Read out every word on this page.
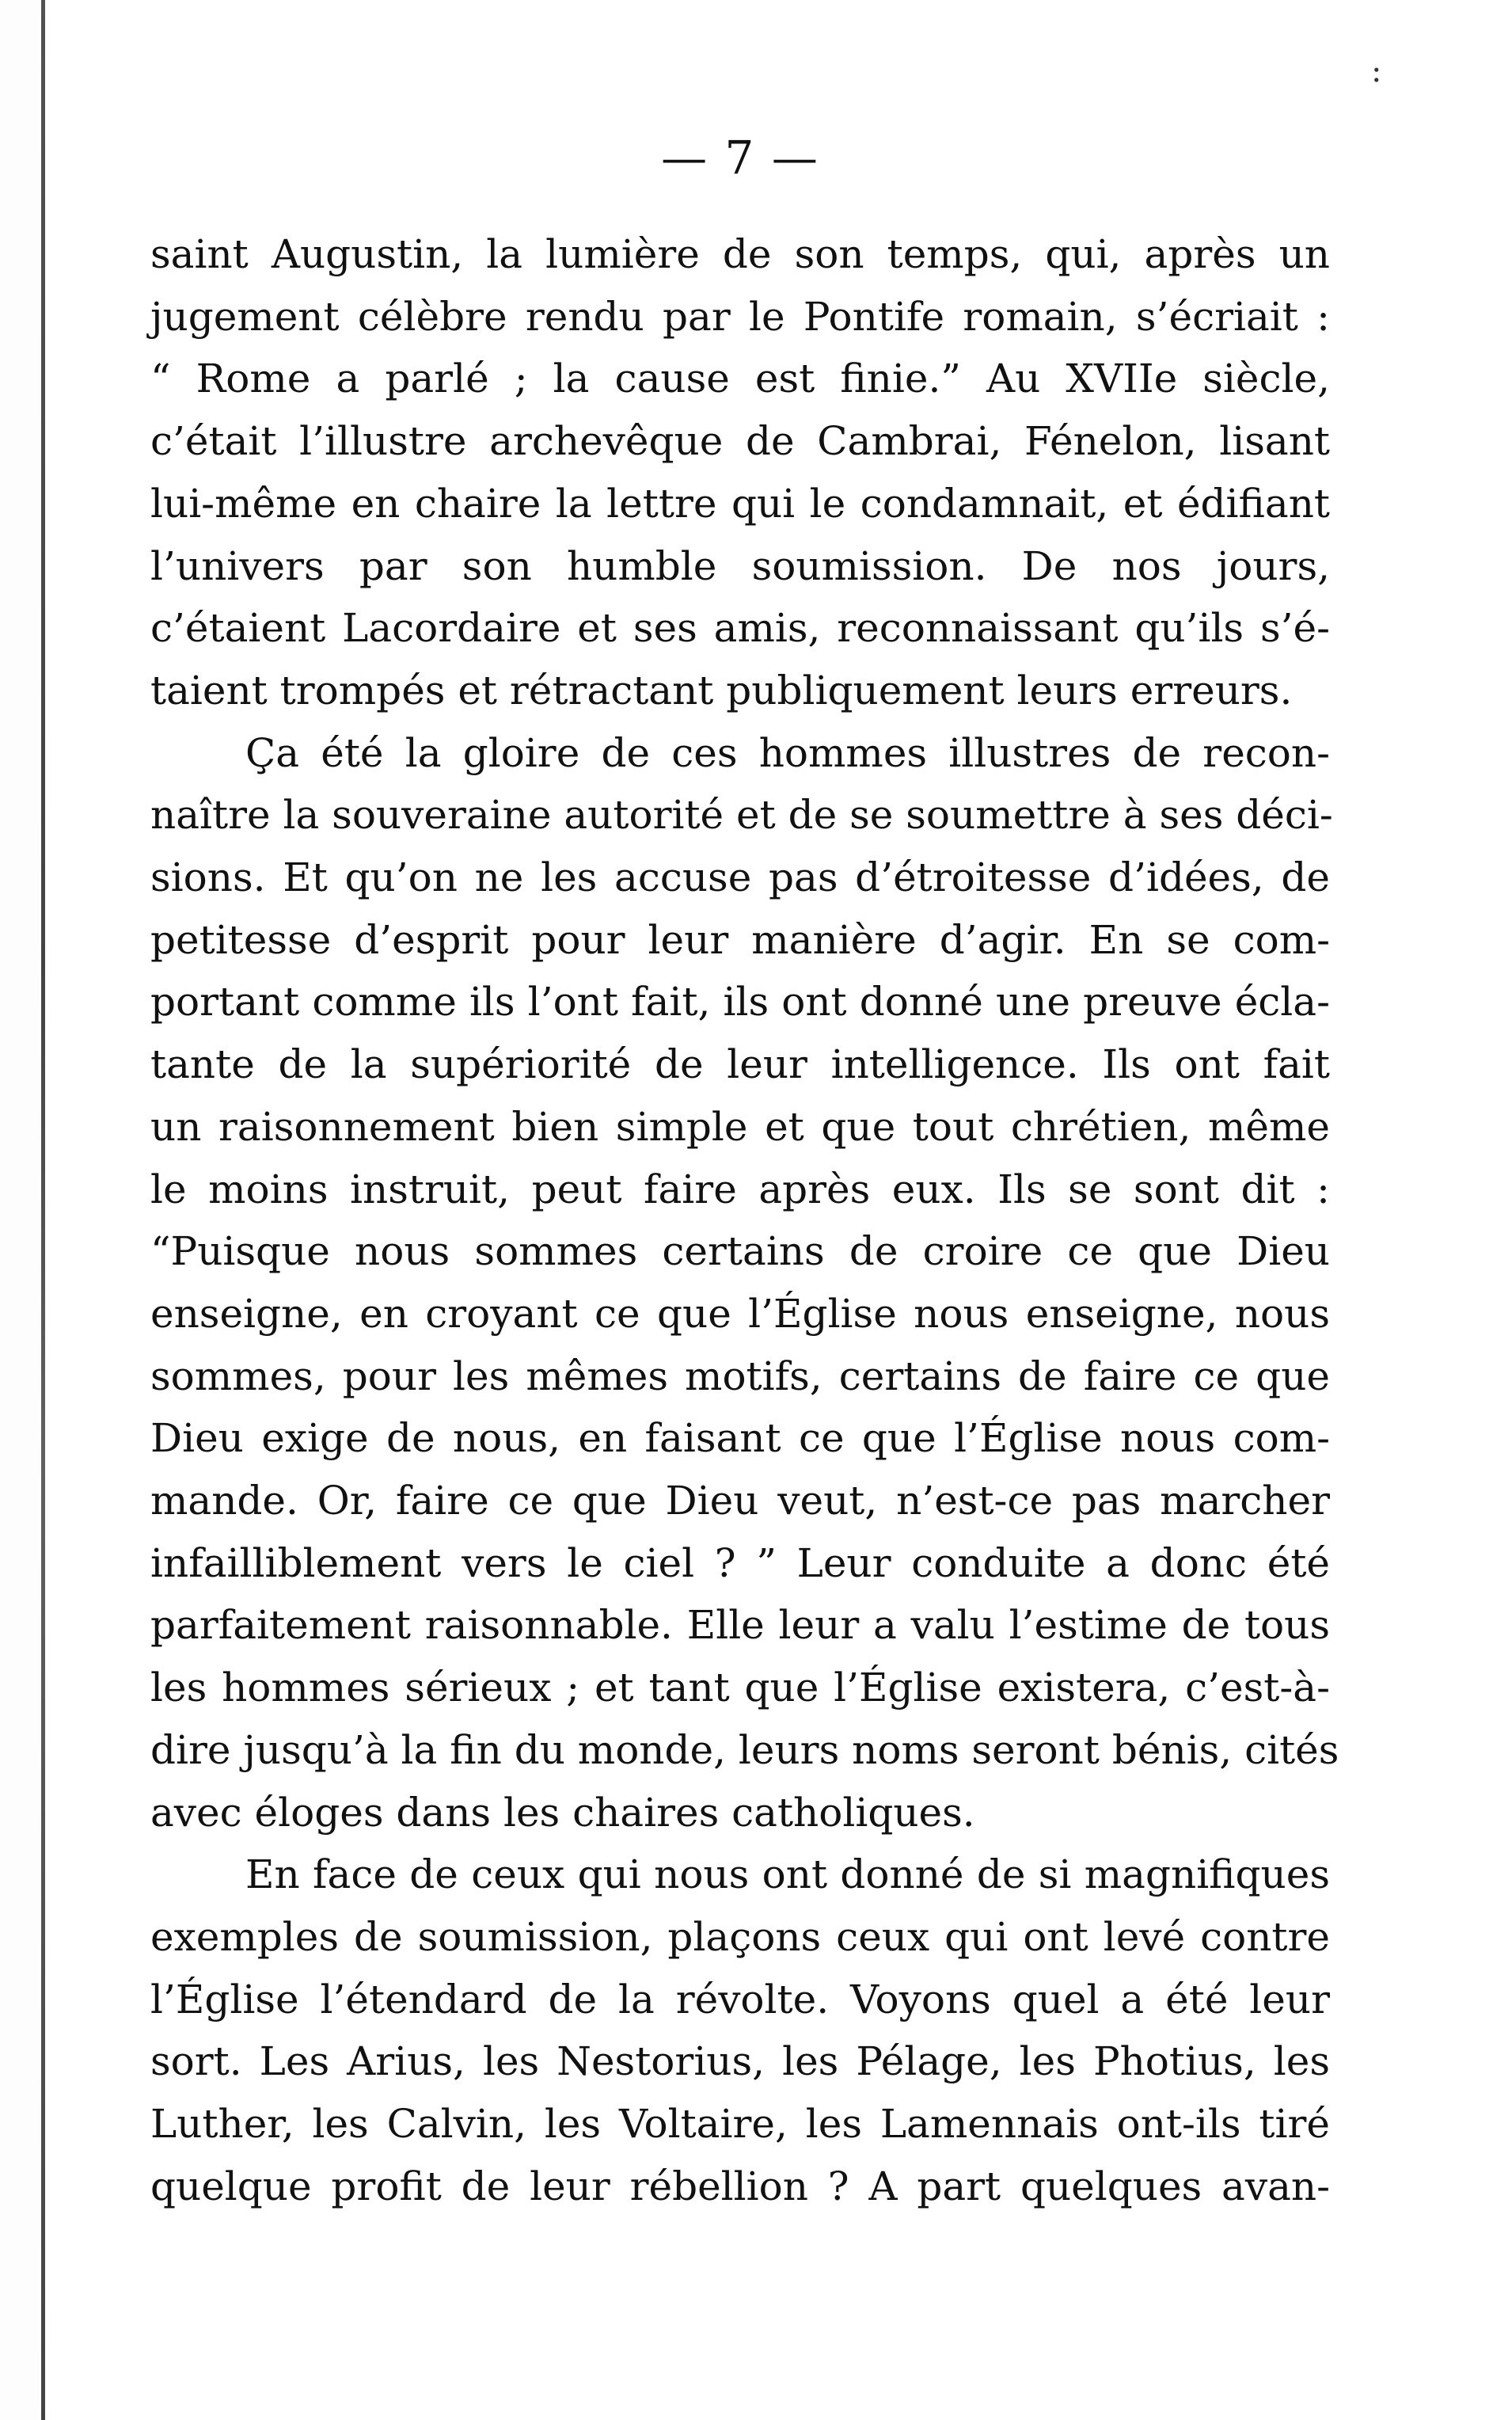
:
— 7 —
saint Augustin, la lumière de son temps, qui, après un
jugement célèbre rendu par le Pontife romain, s’écriait :
“ Rome a parlé ; la cause est finie.” Au XVIIe siècle,
c’était l’illustre archevêque de Cambrai, Fénelon, lisant
lui-même en chaire la lettre qui le condamnait, et édifiant
l’univers par son humble soumission. De nos jours,
c’étaient Lacordaire et ses amis, reconnaissant qu’ils s’é-
taient trompés et rétractant publiquement leurs erreurs.
Ça été la gloire de ces hommes illustres de recon-
naître la souveraine autorité et de se soumettre à ses déci-
sions. Et qu’on ne les accuse pas d’étroitesse d’idées, de
petitesse d’esprit pour leur manière d’agir. En se com-
portant comme ils l’ont fait, ils ont donné une preuve écla-
tante de la supériorité de leur intelligence. Ils ont fait
un raisonnement bien simple et que tout chrétien, même
le moins instruit, peut faire après eux. Ils se sont dit :
“Puisque nous sommes certains de croire ce que Dieu
enseigne, en croyant ce que l’Église nous enseigne, nous
sommes, pour les mêmes motifs, certains de faire ce que
Dieu exige de nous, en faisant ce que l’Église nous com-
mande. Or, faire ce que Dieu veut, n’est-ce pas marcher
infailliblement vers le ciel ? ” Leur conduite a donc été
parfaitement raisonnable. Elle leur a valu l’estime de tous
les hommes sérieux ; et tant que l’Église existera, c’est-à-
dire jusqu’à la fin du monde, leurs noms seront bénis, cités
avec éloges dans les chaires catholiques.
En face de ceux qui nous ont donné de si magnifiques
exemples de soumission, plaçons ceux qui ont levé contre
l’Église l’étendard de la révolte. Voyons quel a été leur
sort. Les Arius, les Nestorius, les Pélage, les Photius, les
Luther, les Calvin, les Voltaire, les Lamennais ont-ils tiré
quelque profit de leur rébellion ? A part quelques avan-
